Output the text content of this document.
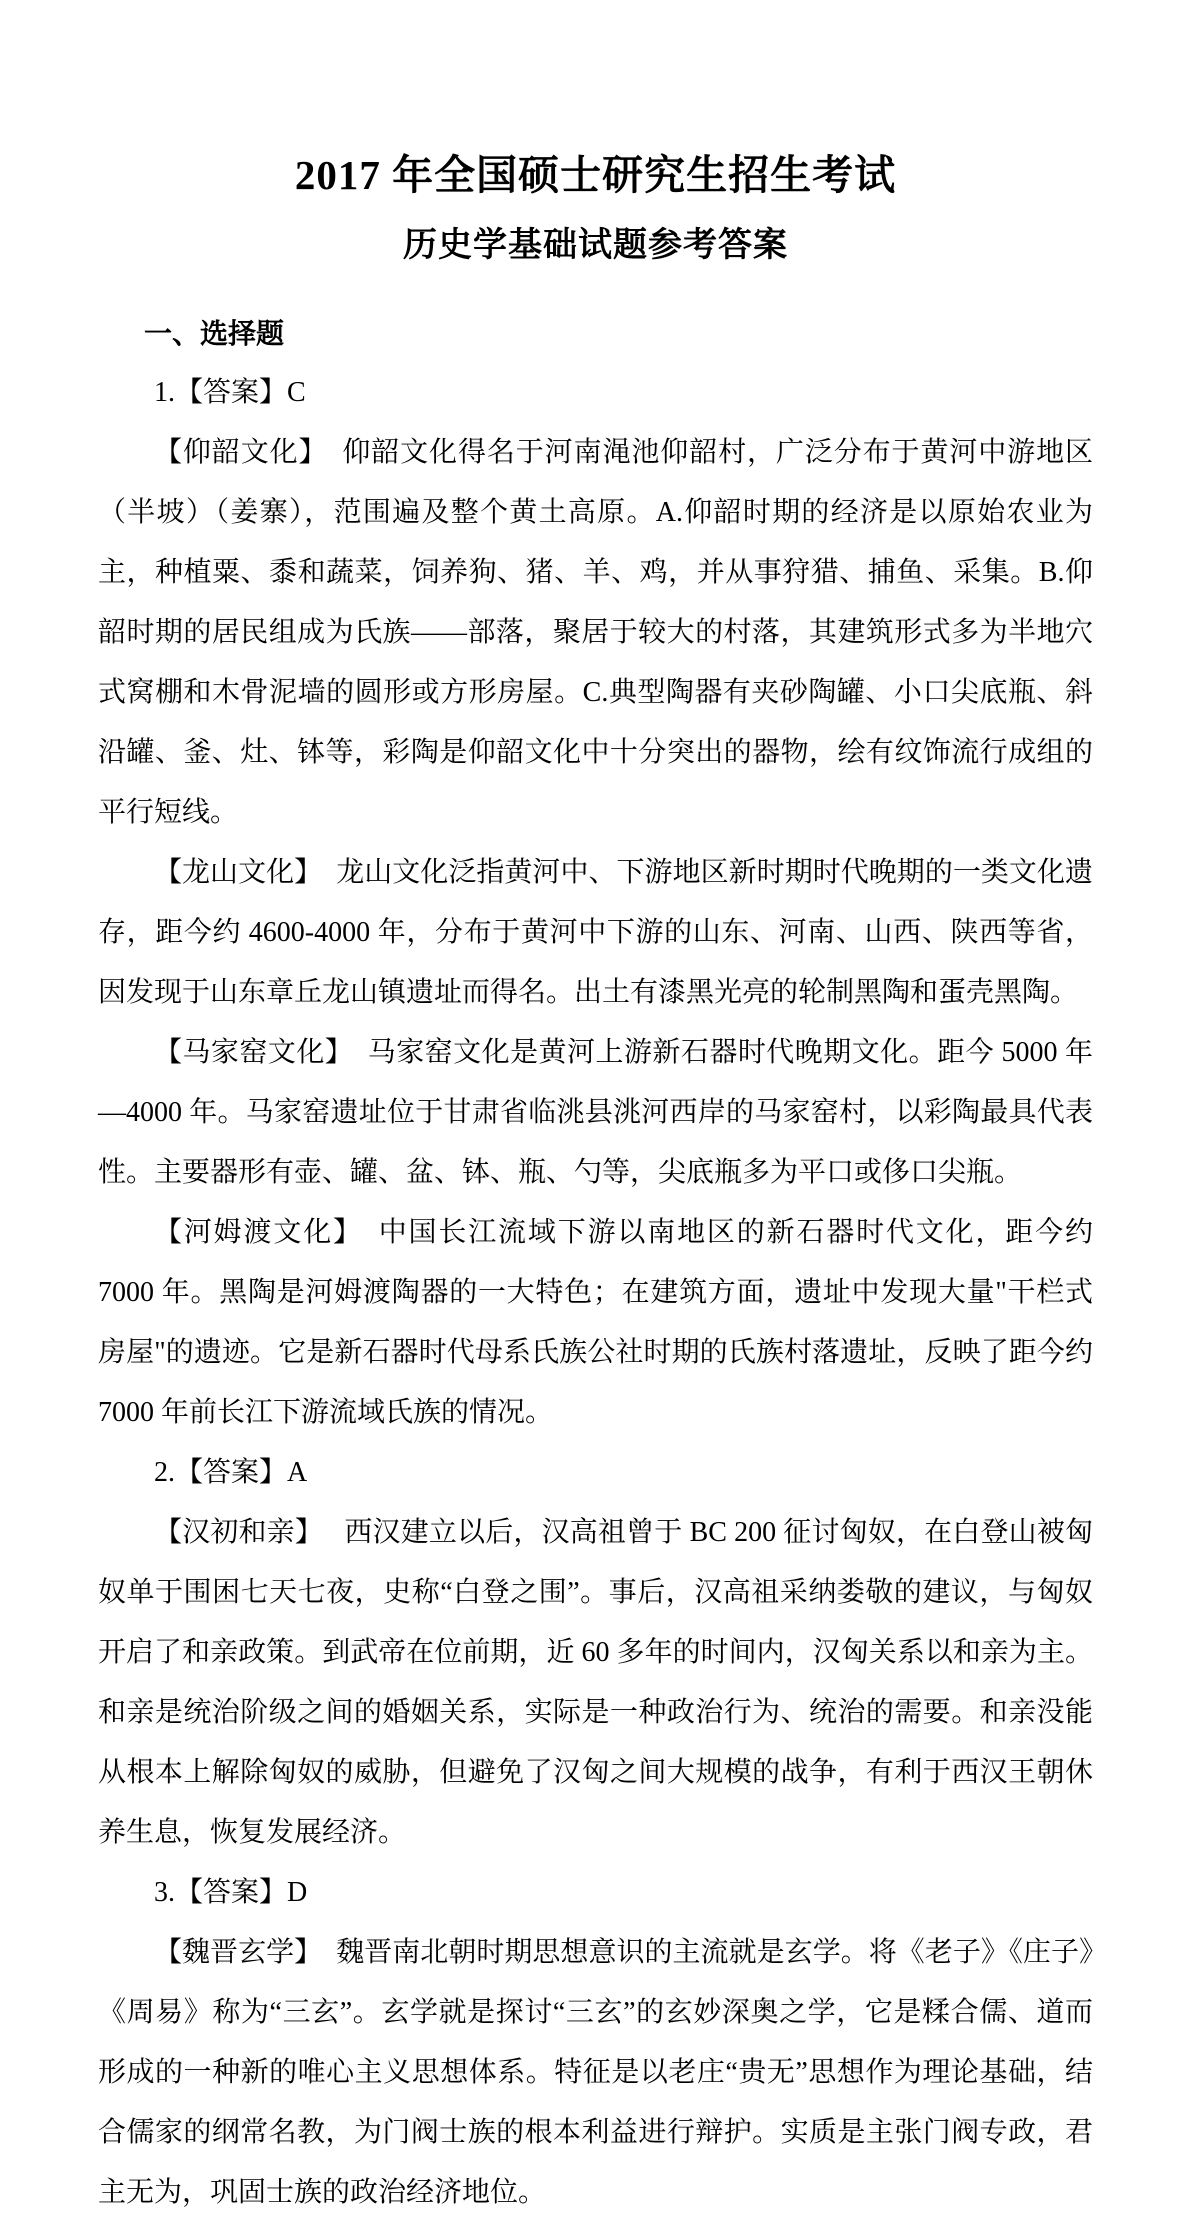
2017 年全国硕士研究生招生考试
历史学基础试题参考答案
一、选择题

1.【答案】C

【仰韶文化】　仰韶文化得名于河南渑池仰韶村，广泛分布于黄河中游地区（半坡）（姜寨），范围遍及整个黄土高原。A.仰韶时期的经济是以原始农业为主，种植粟、黍和蔬菜，饲养狗、猪、羊、鸡，并从事狩猎、捕鱼、采集。B.仰韶时期的居民组成为氏族——部落，聚居于较大的村落，其建筑形式多为半地穴式窝棚和木骨泥墙的圆形或方形房屋。C.典型陶器有夹砂陶罐、小口尖底瓶、斜沿罐、釜、灶、钵等，彩陶是仰韶文化中十分突出的器物，绘有纹饰流行成组的平行短线。

【龙山文化】　龙山文化泛指黄河中、下游地区新时期时代晚期的一类文化遗存，距今约 4600-4000 年，分布于黄河中下游的山东、河南、山西、陕西等省，因发现于山东章丘龙山镇遗址而得名。出土有漆黑光亮的轮制黑陶和蛋壳黑陶。

【马家窑文化】　马家窑文化是黄河上游新石器时代晚期文化。距今 5000 年—4000 年。马家窑遗址位于甘肃省临洮县洮河西岸的马家窑村，以彩陶最具代表性。主要器形有壶、罐、盆、钵、瓶、勺等，尖底瓶多为平口或侈口尖瓶。

【河姆渡文化】　中国长江流域下游以南地区的新石器时代文化，距今约 7000 年。黑陶是河姆渡陶器的一大特色；在建筑方面，遗址中发现大量"干栏式房屋"的遗迹。它是新石器时代母系氏族公社时期的氏族村落遗址，反映了距今约 7000 年前长江下游流域氏族的情况。

2.【答案】A

【汉初和亲】　 西汉建立以后，汉高祖曾于 BC 200 征讨匈奴，在白登山被匈奴单于围困七天七夜，史称“白登之围”。事后，汉高祖采纳娄敬的建议，与匈奴开启了和亲政策。到武帝在位前期，近 60 多年的时间内，汉匈关系以和亲为主。和亲是统治阶级之间的婚姻关系，实际是一种政治行为、统治的需要。和亲没能从根本上解除匈奴的威胁，但避免了汉匈之间大规模的战争，有利于西汉王朝休养生息，恢复发展经济。

3.【答案】D

【魏晋玄学】　魏晋南北朝时期思想意识的主流就是玄学。将《老子》《庄子》《周易》称为“三玄”。玄学就是探讨“三玄”的玄妙深奥之学，它是糅合儒、道而形成的一种新的唯心主义思想体系。特征是以老庄“贵无”思想作为理论基础，结合儒家的纲常名教，为门阀士族的根本利益进行辩护。实质是主张门阀专政，君主无为，巩固士族的政治经济地位。
